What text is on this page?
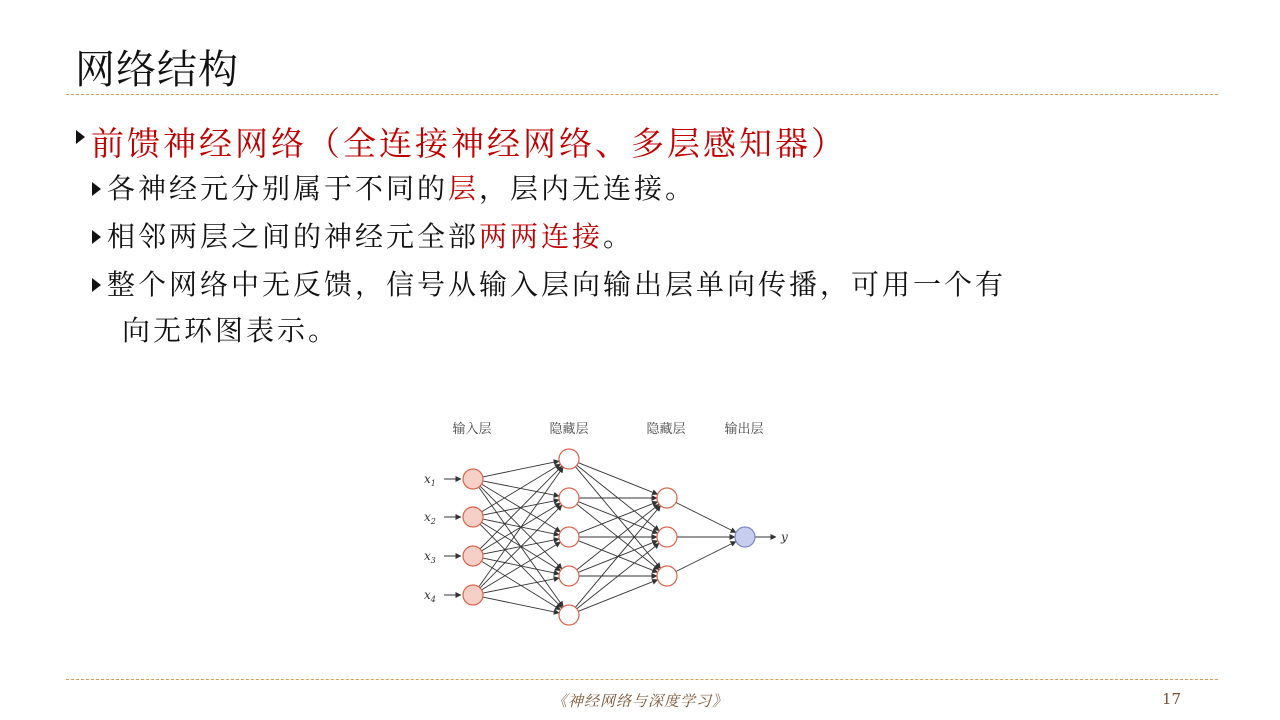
网络结构
前馈神经网络（全连接神经网络、多层感知器）
各神经元分别属于不同的层，层内无连接。
相邻两层之间的神经元全部两两连接。
整个网络中无反馈，信号从输入层向输出层单向传播，可用一个有
向无环图表示。
$x_1$
$x_2$
$x_3$
$x_4$
y
输入层	隐藏层	隐藏层	输出层
《神经网络与深度学习》	17
